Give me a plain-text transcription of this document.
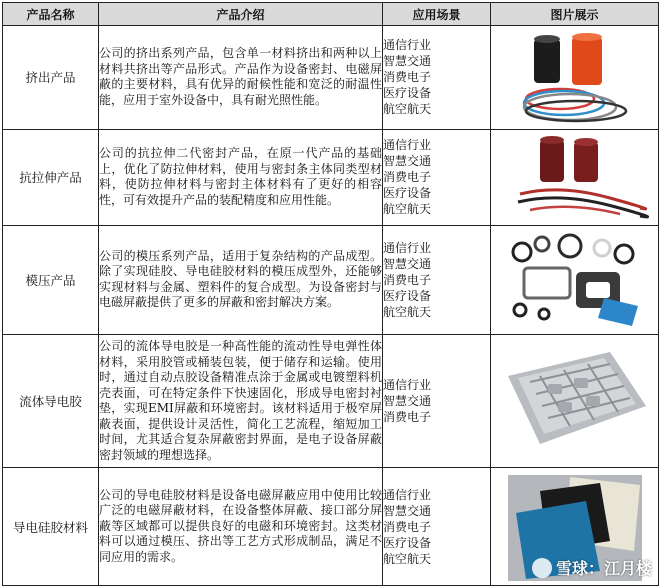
产品名称	产品介绍	应用场景	图片展示
挤出产品	公司的挤出系列产品，包含单一材料挤出和两种以上材料共挤出等产品形式。产品作为设备密封、电磁屏蔽的主要材料，具有优异的耐候性能和宽泛的耐温性能，应用于室外设备中，具有耐光照性能。	通信行业
智慧交通
消费电子
医疗设备
航空航天

抗拉伸产品	公司的抗拉伸二代密封产品，在原一代产品的基础上，优化了防拉伸材料，使用与密封条主体同类型材料，使防拉伸材料与密封主体材料有了更好的相容性，可有效提升产品的装配精度和应用性能。	通信行业
智慧交通
消费电子
医疗设备
航空航天

模压产品	公司的模压系列产品，适用于复杂结构的产品成型。除了实现硅胶、导电硅胶材料的模压成型外，还能够实现材料与金属、塑料件的复合成型。为设备密封与电磁屏蔽提供了更多的屏蔽和密封解决方案。	通信行业
智慧交通
消费电子
医疗设备
航空航天

流体导电胶	公司的流体导电胶是一种高性能的流动性导电弹性体材料，采用胶管或桶装包装，便于储存和运输。使用时，通过自动点胶设备精准点涂于金属或电镀塑料机壳表面，可在特定条件下快速固化，形成导电密封衬垫，实现EMI屏蔽和环境密封。该材料适用于极窄屏蔽表面，提供设计灵活性，简化工艺流程，缩短加工时间，尤其适合复杂屏蔽密封界面，是电子设备屏蔽密封领域的理想选择。	通信行业
智慧交通
消费电子

导电硅胶材料	公司的导电硅胶材料是设备电磁屏蔽应用中使用比较广泛的电磁屏蔽材料，在设备整体屏蔽、接口部分屏蔽等区域都可以提供良好的电磁和环境密封。这类材料可以通过模压、挤出等工艺方式形成制品，满足不同应用的需求。	通信行业
智慧交通
消费电子
医疗设备
航空航天	雪球：江月楼
